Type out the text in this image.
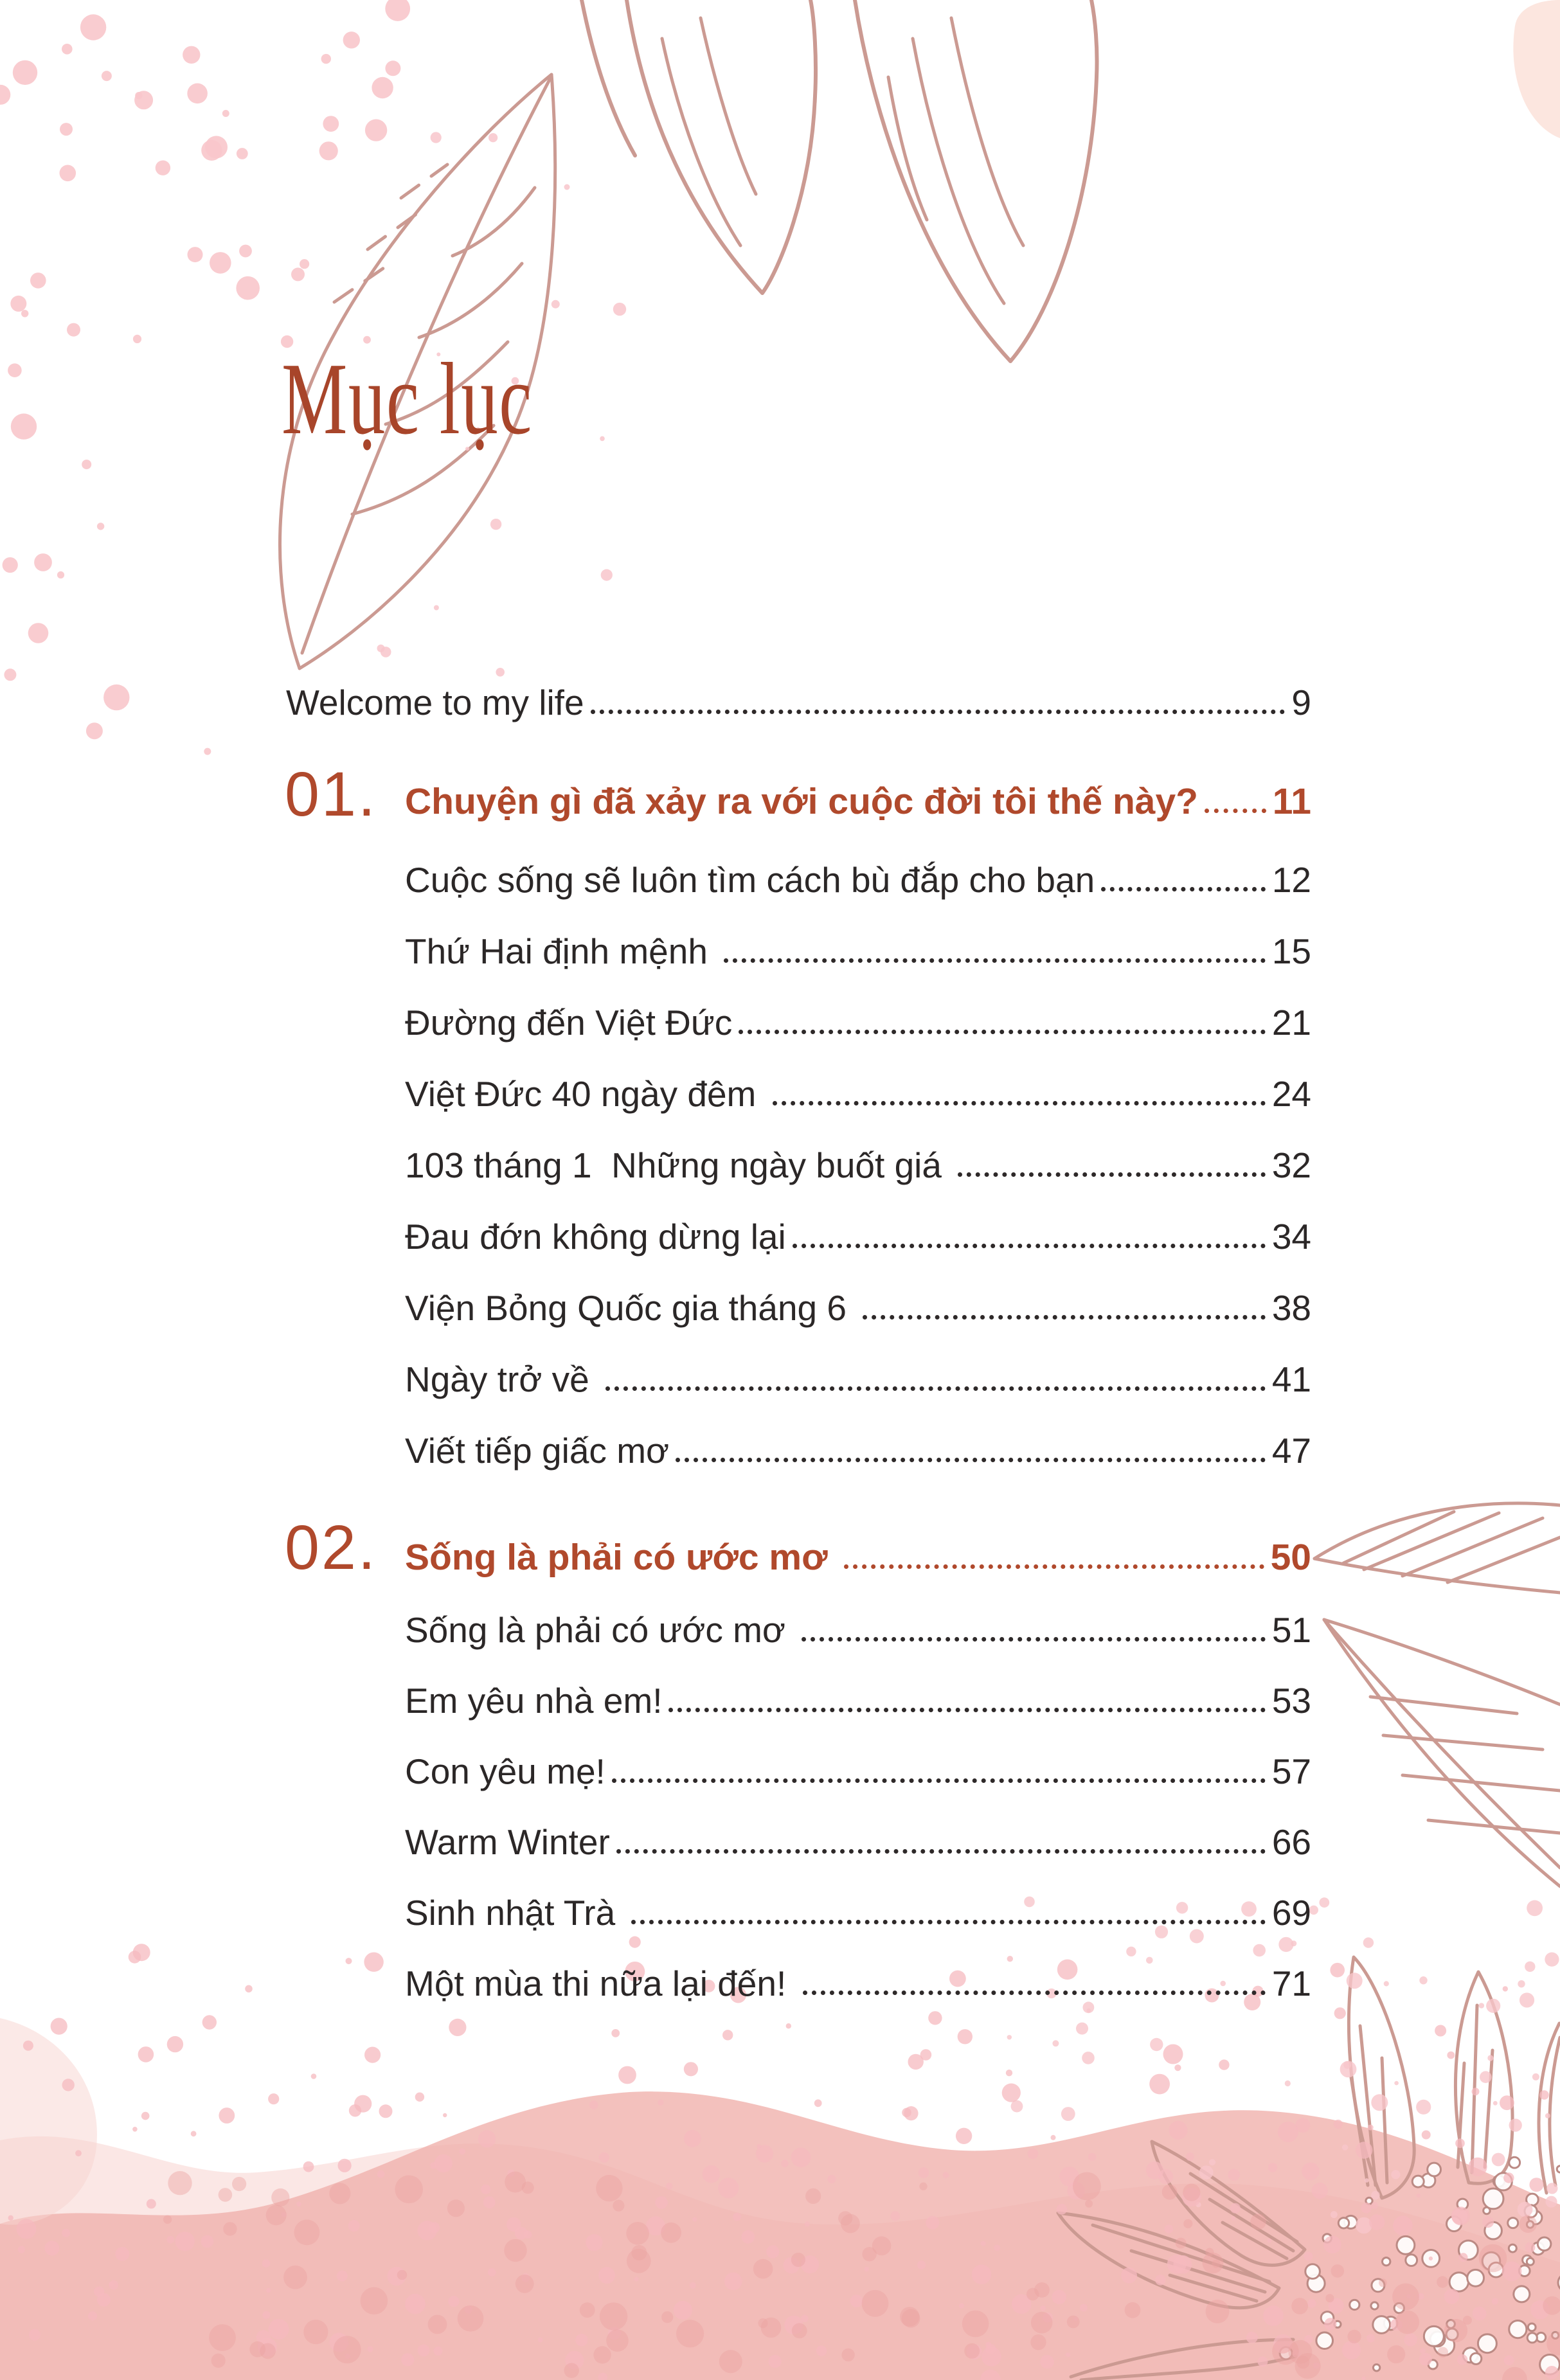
Mục lục
Welcome to my life	9
01. Chuyện gì đã xảy ra với cuộc đời tôi thế này? 11
Cuộc sống sẽ luôn tìm cách bù đắp cho bạn	12
Thứ Hai định mệnh	15
Đường đến Việt Đức	21
Việt Đức 40 ngày đêm	24
103 tháng 1  Những ngày buốt giá	32
Đau đớn không dừng lại	34
Viện Bỏng Quốc gia tháng 6	38
Ngày trở về	41
Viết tiếp giấc mơ	47
02. Sống là phải có ước mơ	50
Sống là phải có ước mơ	51
Em yêu nhà em!	53
Con yêu mẹ!	57
Warm Winter	66
Sinh nhật Trà	69
Một mùa thi nữa lại đến!	71
